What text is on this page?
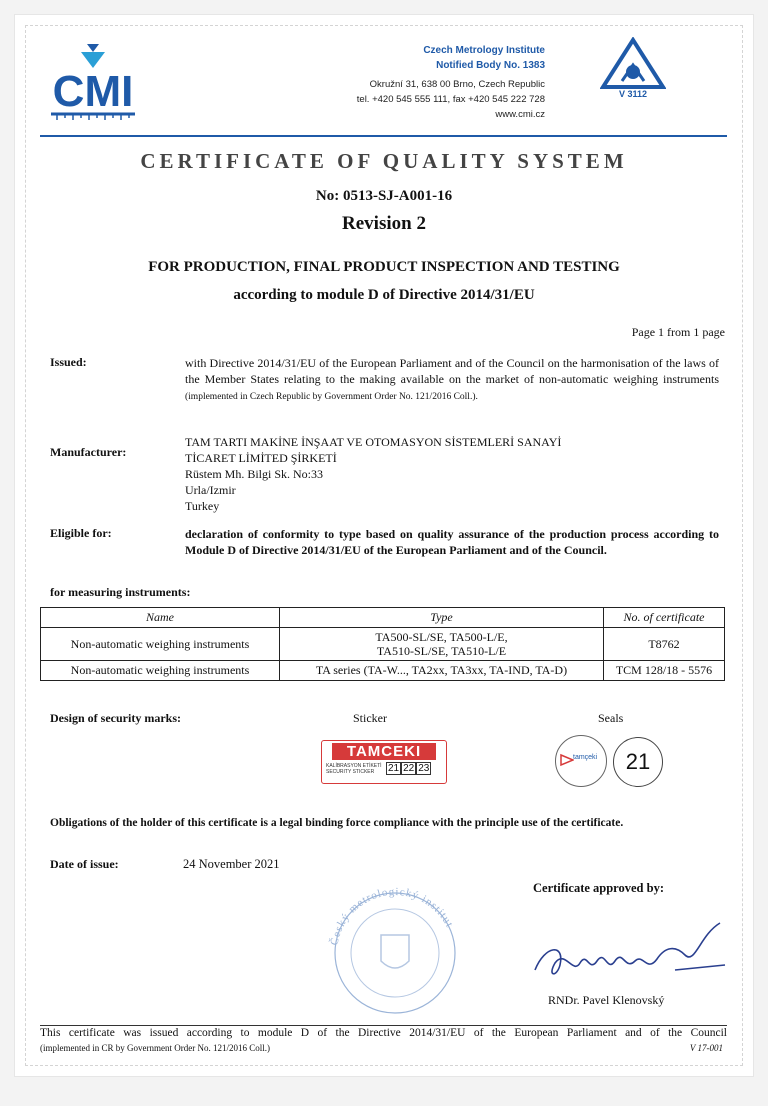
CMI
Czech Metrology Institute
Notified Body No. 1383
Okružní 31, 638 00 Brno, Czech Republic
tel. +420 545 555 111, fax +420 545 222 728
www.cmi.cz
V 3112
CERTIFICATE OF QUALITY SYSTEM
No: 0513-SJ-A001-16
Revision 2
FOR PRODUCTION, FINAL PRODUCT INSPECTION AND TESTING
according to module D of Directive 2014/31/EU
Page 1 from 1 page
Issued:	with Directive 2014/31/EU of the European Parliament and of the Council on the harmonisation of the laws of the Member States relating to the making available on the market of non-automatic weighing instruments (implemented in Czech Republic by Government Order No. 121/2016 Coll.).
Manufacturer:
TAM TARTI MAKİNE İNŞAAT VE OTOMASYON SİSTEMLERİ SANAYİ
TİCARET LİMİTED ŞİRKETİ
Rüstem Mh. Bilgi Sk. No:33
Urla/Izmir
Turkey
Eligible for:	declaration of conformity to type based on quality assurance of the production process according to Module D of Directive 2014/31/EU of the European Parliament and of the Council.
for measuring instruments:
Name	Type	No. of certificate
Non-automatic weighing instruments	TA500-SL/SE, TA500-L/E,
TA510-SL/SE, TA510-L/E	T8762
Non-automatic weighing instruments	TA series (TA-W..., TA2xx, TA3xx, TA-IND, TA-D)	TCM 128/18 - 5576
Design of security marks:	Sticker	Seals
TAMCEKI
KALİBRASYON ETİKETİ
SECURITY STICKER	21 22 23
tamçeki	21
Obligations of the holder of this certificate is a legal binding force compliance with the principle use of the certificate.
Date of issue:	24 November 2021
Certificate approved by:
Český metrologický institut
RNDr. Pavel Klenovský
This certificate was issued according to module D of the Directive 2014/31/EU of the European Parliament and of the Council
(implemented in CR by Government Order No. 121/2016 Coll.)	V 17-001
